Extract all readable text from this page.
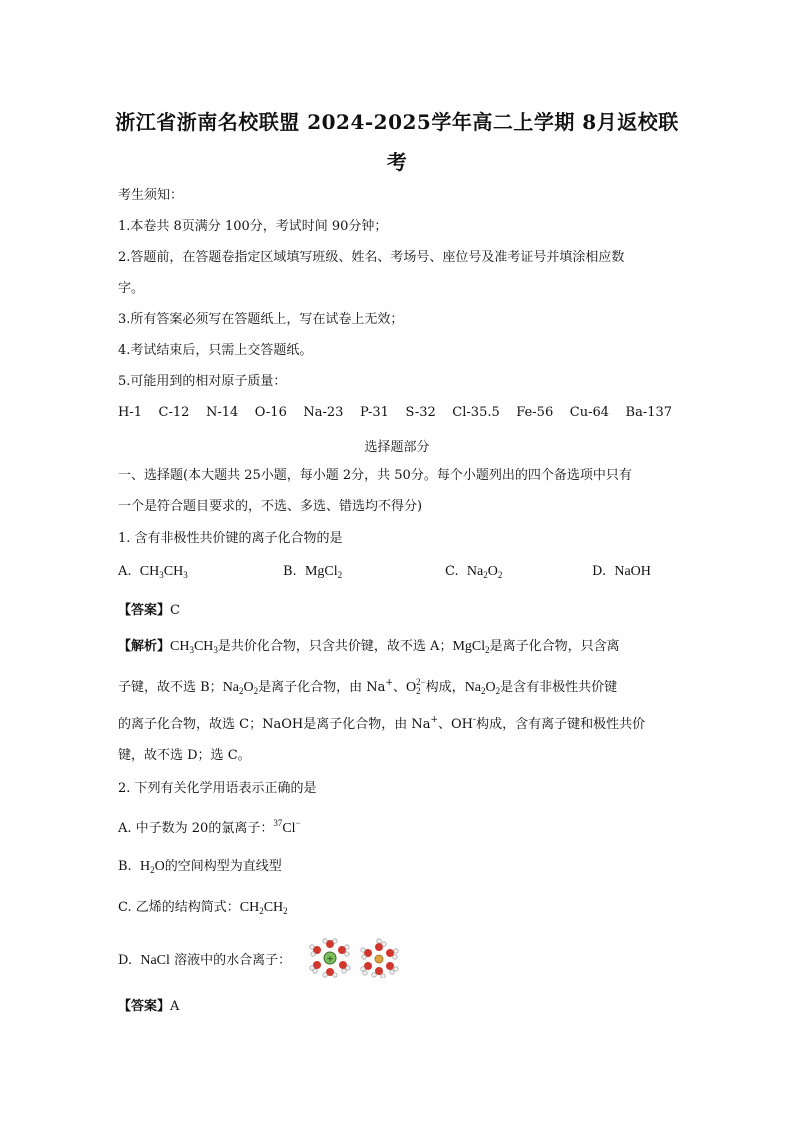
浙江省浙南名校联盟 2024-2025学年高二上学期 8月返校联
考
考生须知：
1.本卷共 8页满分 100分，考试时间 90分钟；
2.答题前，在答题卷指定区域填写班级、姓名、考场号、座位号及准考证号并填涂相应数
字。
3.所有答案必须写在答题纸上，写在试卷上无效；
4.考试结束后，只需上交答题纸。
5.可能用到的相对原子质量：
H-1    C-12    N-14    O-16    Na-23    P-31    S-32    Cl-35.5    Fe-56    Cu-64    Ba-137
选择题部分
一、选择题(本大题共 25小题，每小题 2分，共 50分。每个小题列出的四个备选项中只有
一个是符合题目要求的，不选、多选、错选均不得分)
1. 含有非极性共价键的离子化合物的是
A. $CH_3CH_3$	B. MgCl$_2$	C. $Na_2O_2$	D. NaOH
【答案】C
【解析】$CH_3CH_3$是共价化合物，只含共价键，故不选 A；MgCl$_2$是离子化合物，只含离
子键，故不选 B；$Na_2O_2$是离子化合物，由 Na+、O 2−
2 构成，$Na_2O_2$是含有非极性共价键
的离子化合物，故选 C；NaOH是离子化合物，由 Na+、OH-构成，含有离子键和极性共价
键，故不选 D；选 C。
2. 下列有关化学用语表示正确的是
A. 中子数为 20的氯离子：$^{37}$Cl−
B. $H_2O$的空间构型为直线型
C. 乙烯的结构简式：$CH_2CH_2$
D. NaCl 溶液中的水合离子：	+
【答案】A
